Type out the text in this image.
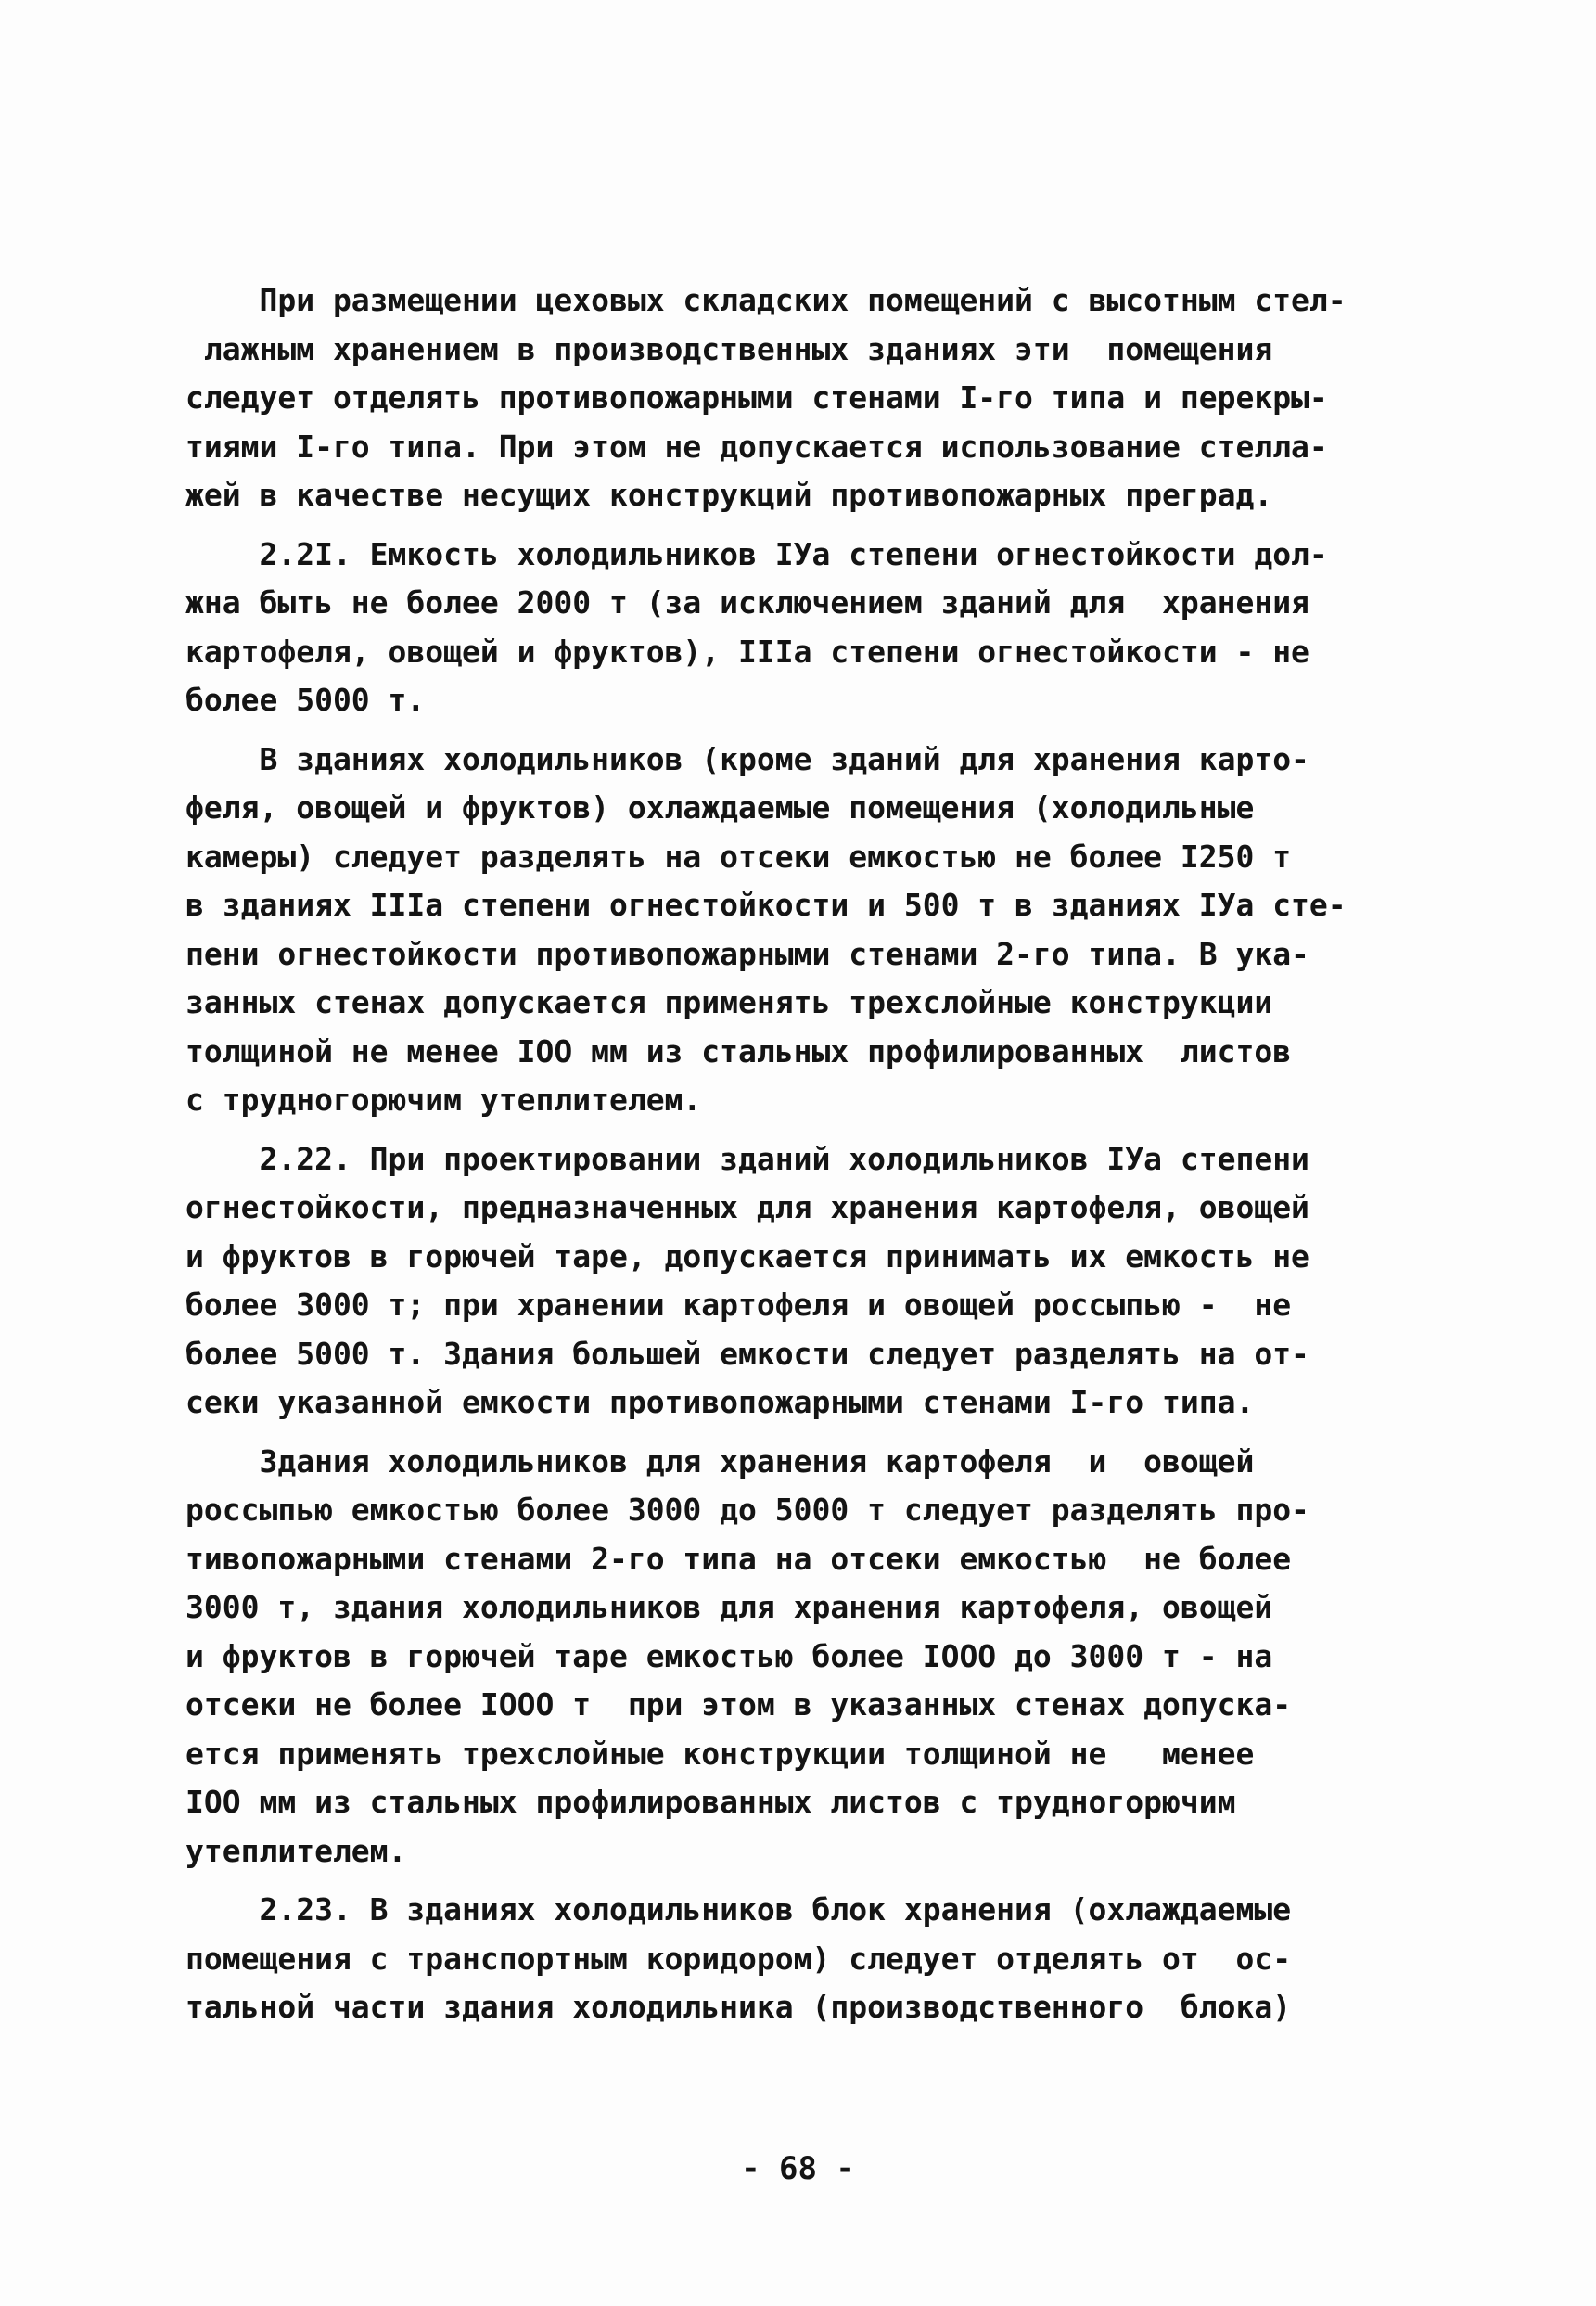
При размещении цеховых складских помещений с высотным стел-
лажным хранением в производственных зданиях эти  помещения
следует отделять противопожарными стенами I-го типа и перекры-
тиями I-го типа. При этом не допускается использование стелла-
жей в качестве несущих конструкций противопожарных преград.
2.2I. Емкость холодильников IУа степени огнестойкости дол-
жна быть не более 2000 т (за исключением зданий для  хранения
картофеля, овощей и фруктов), IIIа степени огнестойкости - не
более 5000 т.
В зданиях холодильников (кроме зданий для хранения карто-
феля, овощей и фруктов) охлаждаемые помещения (холодильные
камеры) следует разделять на отсеки емкостью не более I250 т
в зданиях IIIа степени огнестойкости и 500 т в зданиях IУа сте-
пени огнестойкости противопожарными стенами 2-го типа. В ука-
занных стенах допускается применять трехслойные конструкции
толщиной не менее IOO мм из стальных профилированных  листов
с трудногорючим утеплителем.
2.22. При проектировании зданий холодильников IУа степени
огнестойкости, предназначенных для хранения картофеля, овощей
и фруктов в горючей таре, допускается принимать их емкость не
более 3000 т; при хранении картофеля и овощей россыпью -  не
более 5000 т. Здания большей емкости следует разделять на от-
секи указанной емкости противопожарными стенами I-го типа.
Здания холодильников для хранения картофеля  и  овощей
россыпью емкостью более 3000 до 5000 т следует разделять про-
тивопожарными стенами 2-го типа на отсеки емкостью  не более
3000 т, здания холодильников для хранения картофеля, овощей
и фруктов в горючей таре емкостью более IOOO до 3000 т - на
отсеки не более IOOO т  при этом в указанных стенах допуска-
ется применять трехслойные конструкции толщиной не   менее
IOO мм из стальных профилированных листов с трудногорючим
утеплителем.
2.23. В зданиях холодильников блок хранения (охлаждаемые
помещения с транспортным коридором) следует отделять от  ос-
тальной части здания холодильника (производственного  блока)
- 68 -
